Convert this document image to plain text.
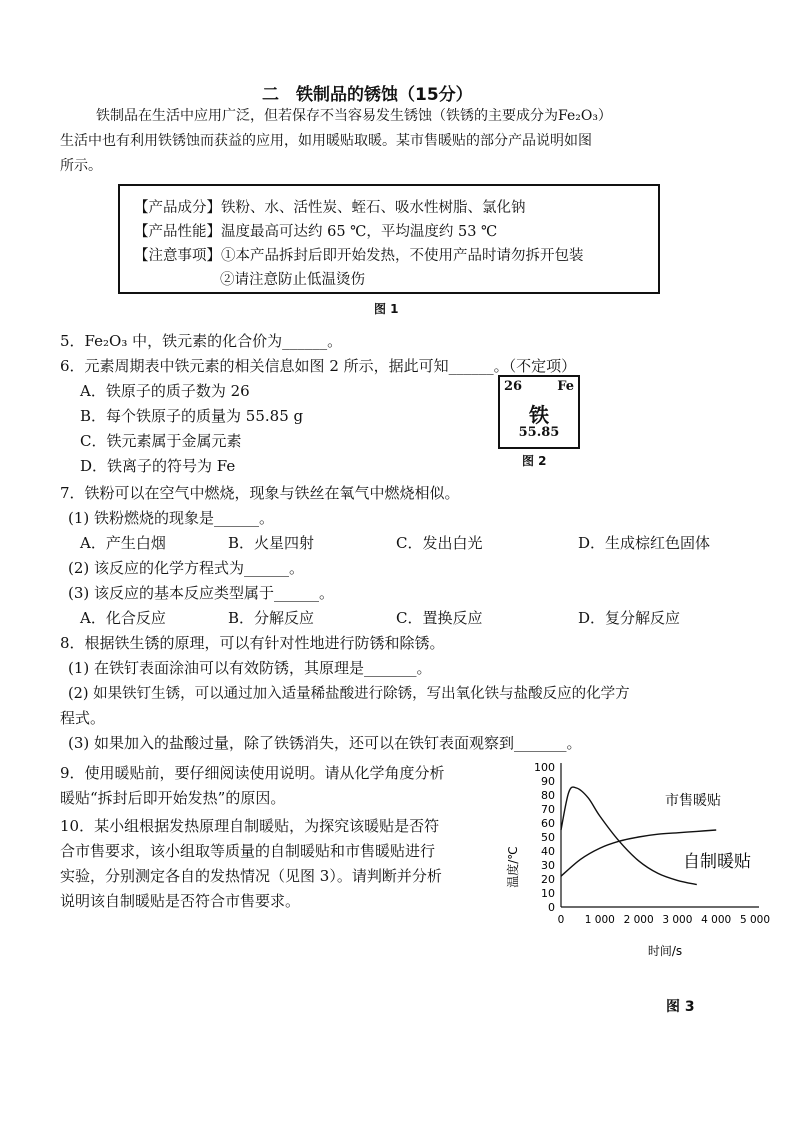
二　铁制品的锈蚀（15分）
铁制品在生活中应用广泛，但若保存不当容易发生锈蚀（铁锈的主要成分为Fe₂O₃）
生活中也有利用铁锈蚀而获益的应用，如用暖贴取暖。某市售暖贴的部分产品说明如图
所示。
【产品成分】铁粉、水、活性炭、蛭石、吸水性树脂、氯化钠
【产品性能】温度最高可达约 65 ℃，平均温度约 53 ℃
【注意事项】①本产品拆封后即开始发热，不使用产品时请勿拆开包装
②请注意防止低温烫伤
图 1
5．Fe₂O₃ 中，铁元素的化合价为______。
6．元素周期表中铁元素的相关信息如图 2 所示，据此可知______。（不定项）
A．铁原子的质子数为 26
B．每个铁原子的质量为 55.85 g
C．铁元素属于金属元素
D．铁离子的符号为 Fe
26	Fe
铁
55.85
图 2
7．铁粉可以在空气中燃烧，现象与铁丝在氧气中燃烧相似。
(1) 铁粉燃烧的现象是______。
A．产生白烟	B．火星四射	C．发出白光	D．生成棕红色固体
(2) 该反应的化学方程式为______。
(3) 该反应的基本反应类型属于______。
A．化合反应	B．分解反应	C．置换反应	D．复分解反应
8．根据铁生锈的原理，可以有针对性地进行防锈和除锈。
(1) 在铁钉表面涂油可以有效防锈，其原理是_______。
(2) 如果铁钉生锈，可以通过加入适量稀盐酸进行除锈，写出氧化铁与盐酸反应的化学方
程式。
(3) 如果加入的盐酸过量，除了铁锈消失，还可以在铁钉表面观察到_______。
9．使用暖贴前，要仔细阅读使用说明。请从化学角度分析
暖贴“拆封后即开始发热”的原因。
10．某小组根据发热原理自制暖贴，为探究该暖贴是否符
合市售要求，该小组取等质量的自制暖贴和市售暖贴进行
实验，分别测定各自的发热情况（见图 3）。请判断并分析
说明该自制暖贴是否符合市售要求。	0
10
20
30
40
50
60
70
80
90
100
0 1 000 2 000 3 000 4 000 5 000
温度/℃
时间/s
市售暖贴
自制暖贴
图 3
